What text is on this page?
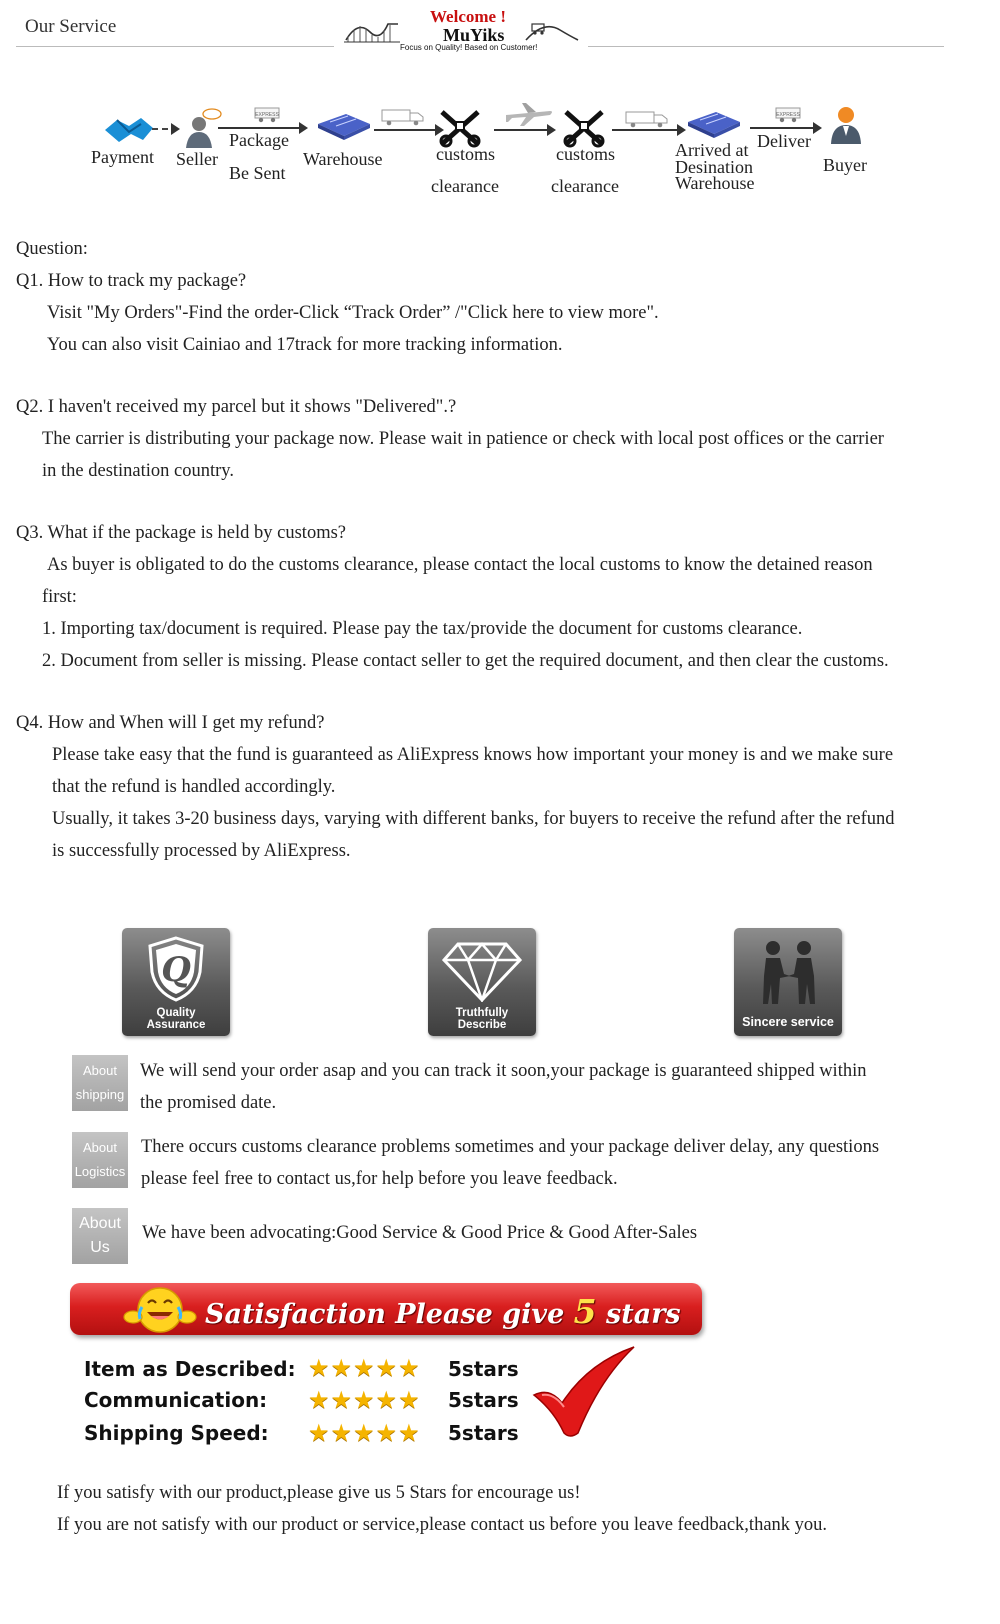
Our Service	Welcome !
MuYiks
Focus on Quality! Based on Customer!
Payment Seller
EXPRESS
Package
Be Sent
Warehouse	customs
clearance
customs
clearance
Arrived at
Desination
Warehouse
EXPRESS
Deliver
Buyer

Question:

Q1. How to track my package?

Visit "My Orders"-Find the order-Click “Track Order” /"Click here to view more".

You can also visit Cainiao and 17track for more tracking information.

Q2. I haven't received my parcel but it shows "Delivered".?

The carrier is distributing your package now. Please wait in patience or check with local post offices or the carrier

in the destination country.

Q3. What if the package is held by customs?

As buyer is obligated to do the customs clearance, please contact the local customs to know the detained reason

first:

1. Importing tax/document is required. Please pay the tax/provide the document for customs clearance.

2. Document from seller is missing. Please contact seller to get the required document, and then clear the customs.

Q4. How and When will I get my refund?

Please take easy that the fund is guaranteed as AliExpress knows how important your money is and we make sure

that the refund is handled accordingly.

Usually, it takes 3-20 business days, varying with different banks, for buyers to receive the refund after the refund

is successfully processed by AliExpress.

Q
Quality
Assurance
Truthfully
Describe	Sincere service
About
shipping
We will send your order asap and you can track it soon,your package is guaranteed shipped within
the promised date.
About
Logistics
There occurs customs clearance problems sometimes and your package deliver delay, any questions
please feel free to contact us,for help before you leave feedback.
About
Us
We have been advocating:Good Service & Good Price & Good After-Sales
Satisfaction Please give 5 stars
Item as Described: ★★★★★ 5stars
Communication: ★★★★★ 5stars
Shipping Speed: ★★★★★ 5stars

If you satisfy with our product,please give us 5 Stars for encourage us!

If you are not satisfy with our product or service,please contact us before you leave feedback,thank you.
